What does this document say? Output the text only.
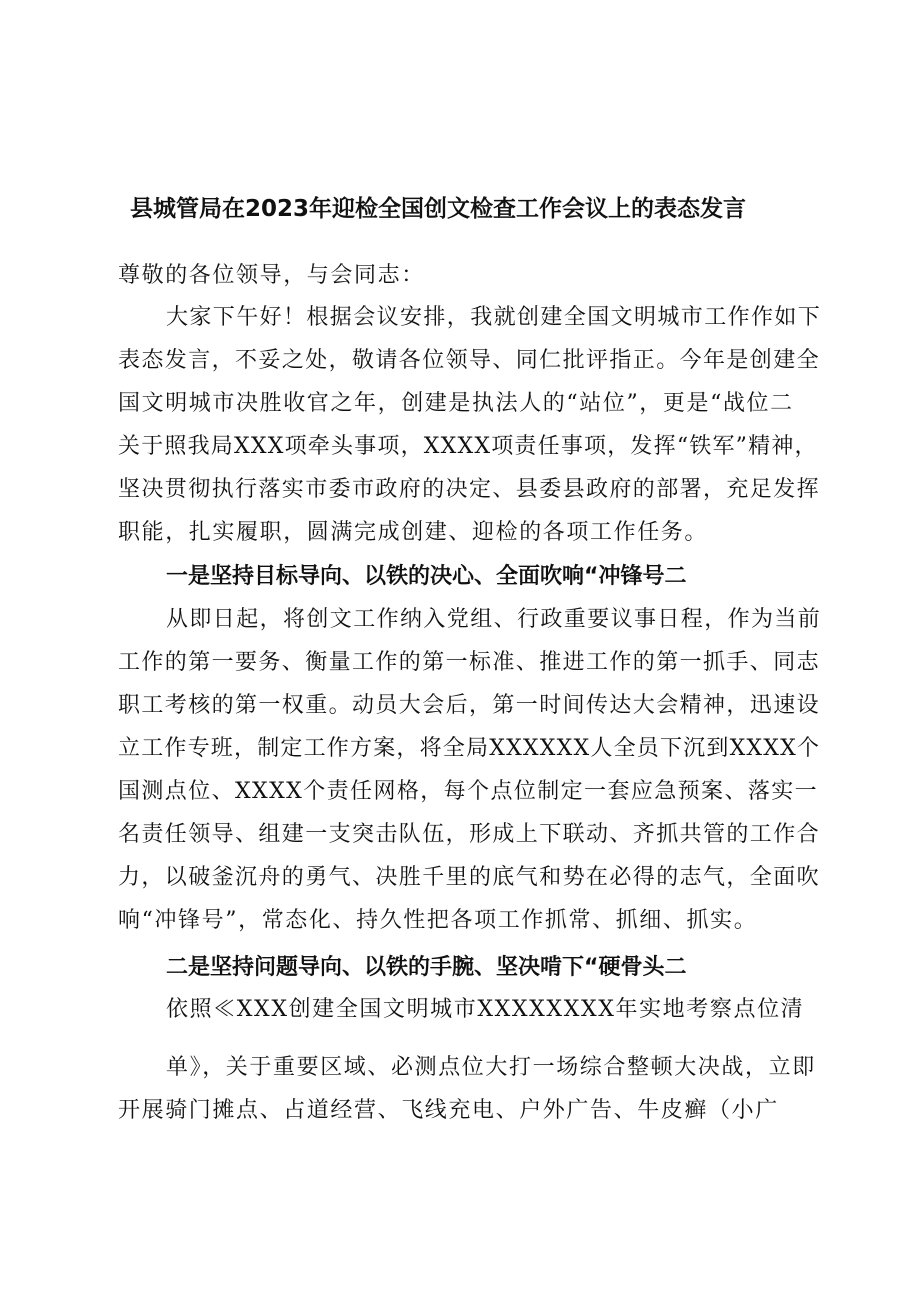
县城管局在2023年迎检全国创文检查工作会议上的表态发言

尊敬的各位领导，与会同志：

大家下午好！根据会议安排，我就创建全国文明城市工作作如下

表态发言，不妥之处，敬请各位领导、同仁批评指正。今年是创建全

国文明城市决胜收官之年，创建是执法人的“站位”，更是“战位二

关于照我局XXX项牵头事项，XXXX项责任事项，发挥“铁军”精神，

坚决贯彻执行落实市委市政府的决定、县委县政府的部署，充足发挥

职能，扎实履职，圆满完成创建、迎检的各项工作任务。

一是坚持目标导向、以铁的决心、全面吹响“冲锋号二

从即日起，将创文工作纳入党组、行政重要议事日程，作为当前

工作的第一要务、衡量工作的第一标准、推进工作的第一抓手、同志

职工考核的第一权重。动员大会后，第一时间传达大会精神，迅速设

立工作专班，制定工作方案，将全局XXXXXX人全员下沉到XXXX个

国测点位、XXXX个责任网格，每个点位制定一套应急预案、落实一

名责任领导、组建一支突击队伍，形成上下联动、齐抓共管的工作合

力，以破釜沉舟的勇气、决胜千里的底气和势在必得的志气，全面吹

响“冲锋号”，常态化、持久性把各项工作抓常、抓细、抓实。

二是坚持问题导向、以铁的手腕、坚决啃下“硬骨头二

依照≪XXX创建全国文明城市XXXXXXXX年实地考察点位清

单》，关于重要区域、必测点位大打一场综合整顿大决战，立即

开展骑门摊点、占道经营、飞线充电、户外广告、牛皮癣（小广
